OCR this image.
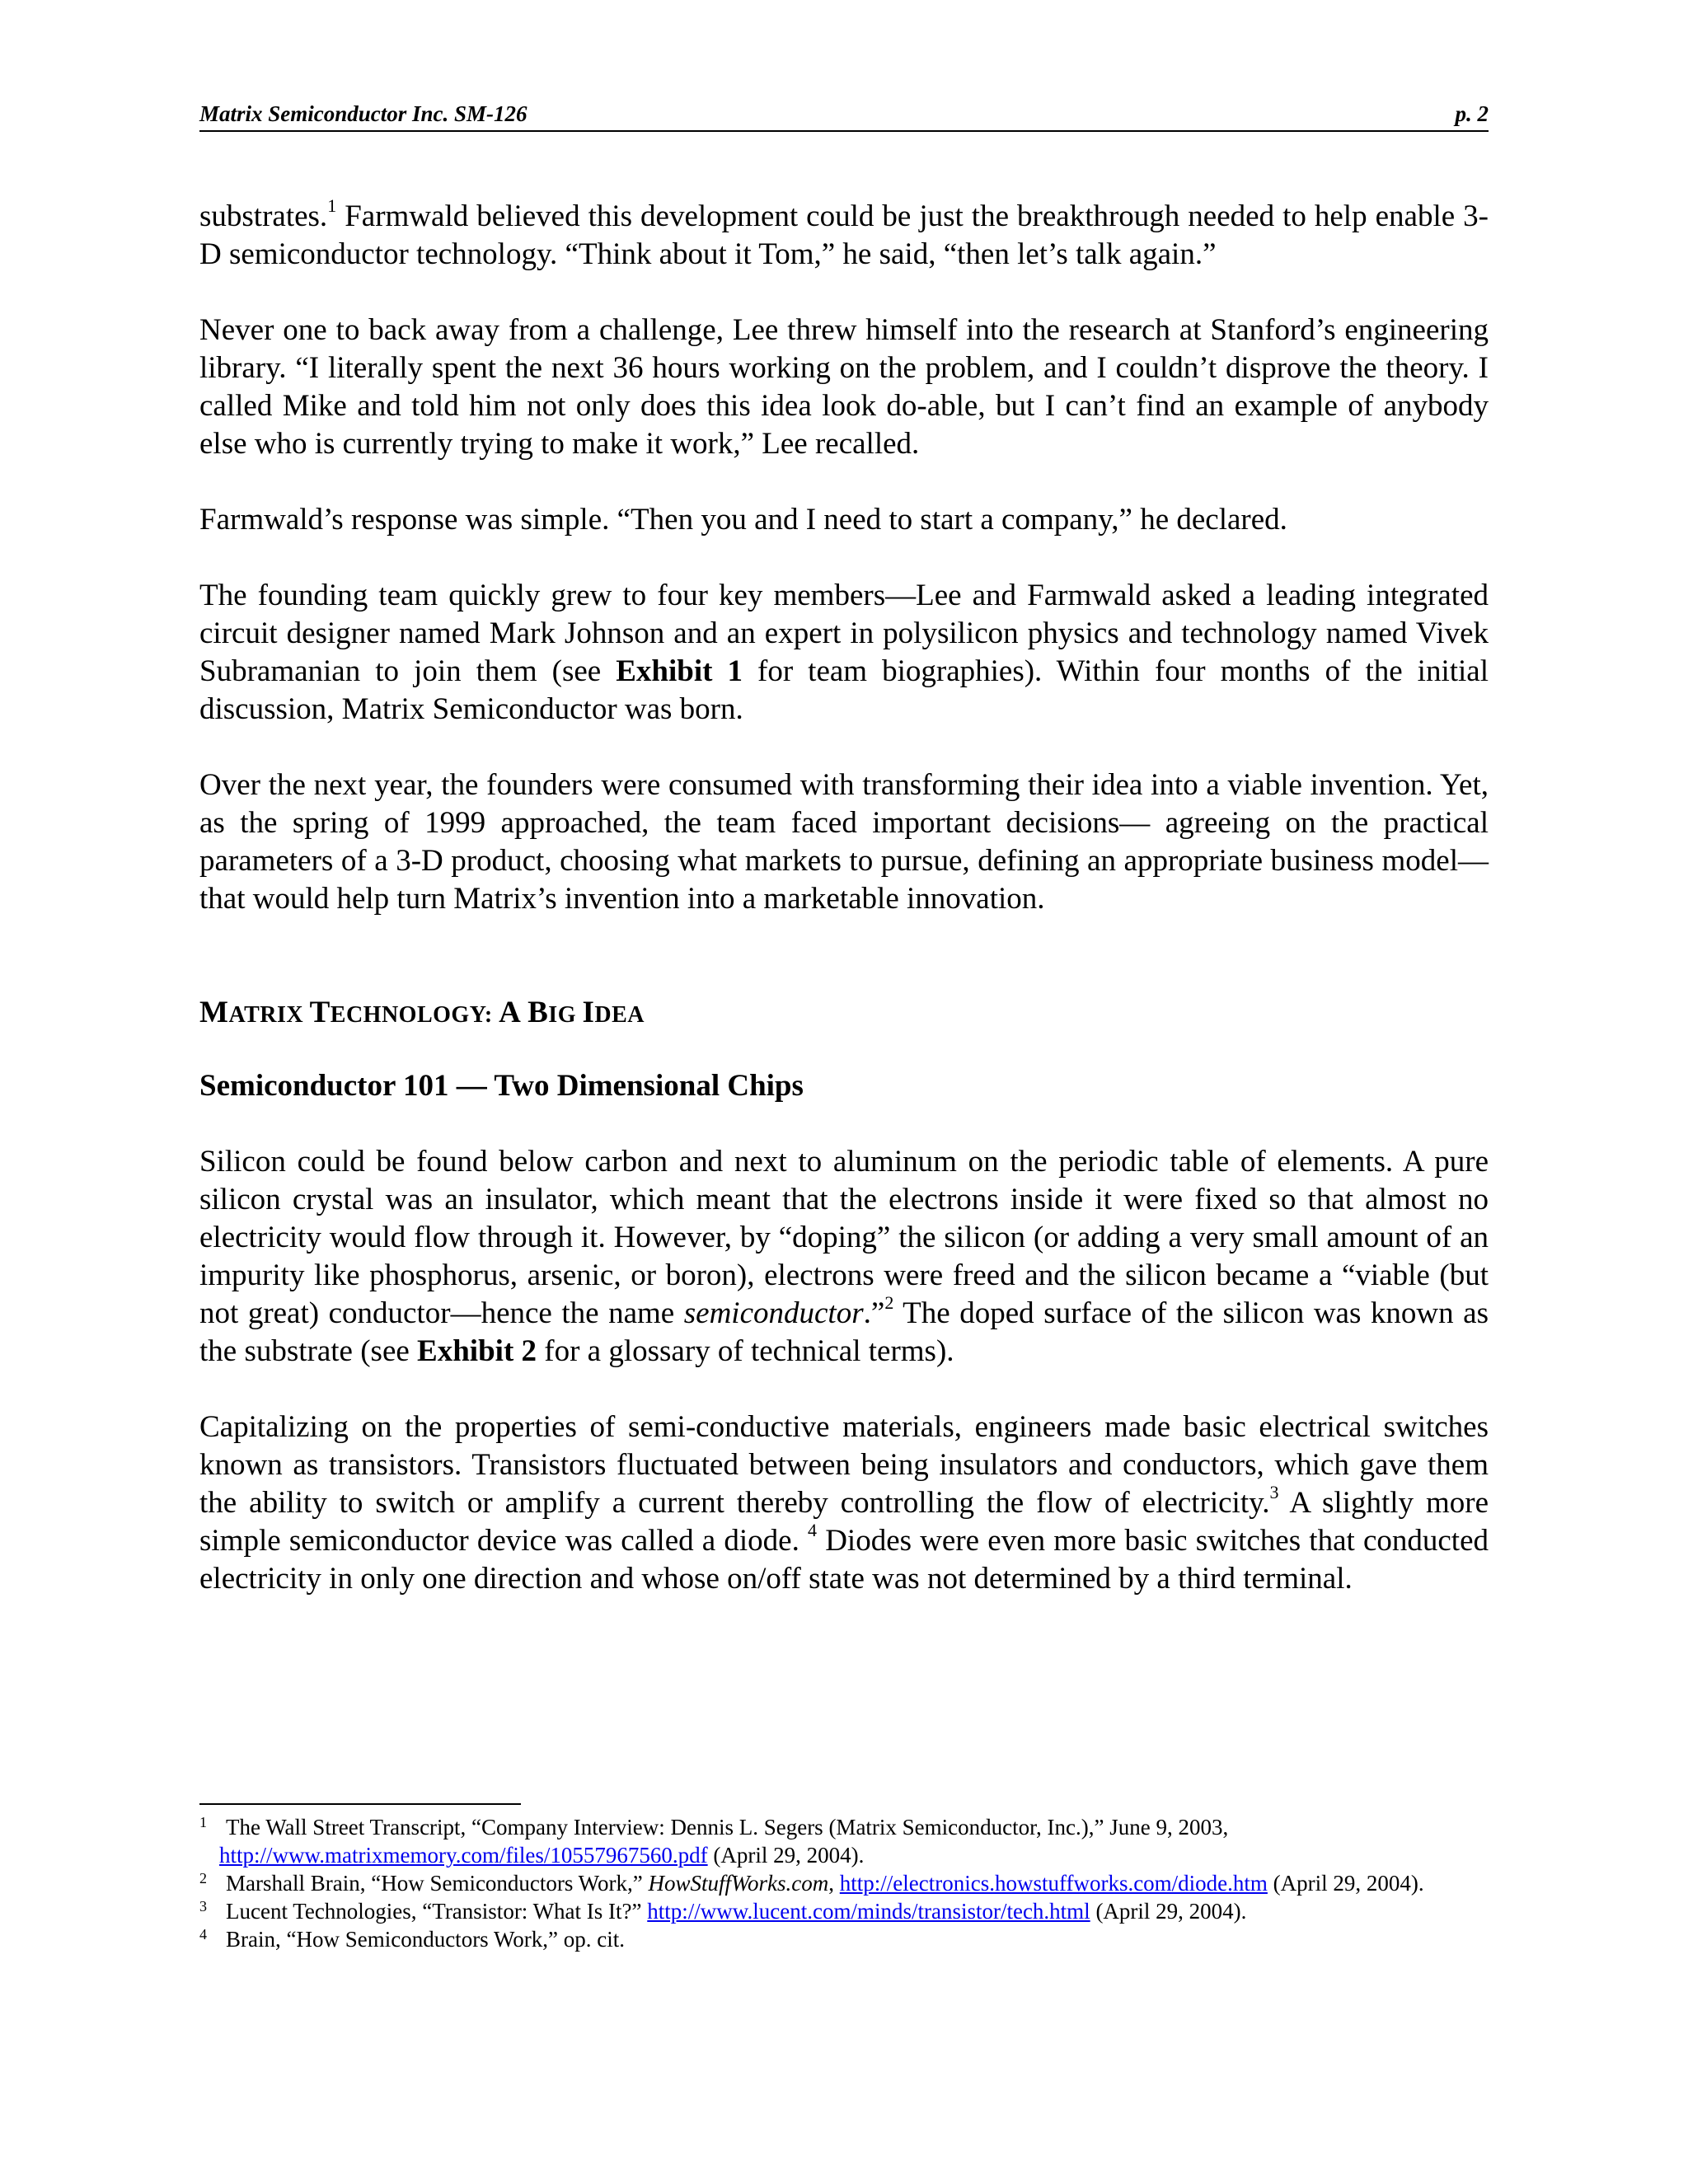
Matrix Semiconductor Inc. SM-126	p. 2

substrates.$^1$ Farmwald believed this development could be just the breakthrough needed to help enable 3-D semiconductor technology. “Think about it Tom,” he said, “then let’s talk again.”

Never one to back away from a challenge, Lee threw himself into the research at Stanford’s engineering library. “I literally spent the next 36 hours working on the problem, and I couldn’t disprove the theory. I called Mike and told him not only does this idea look do-able, but I can’t find an example of anybody else who is currently trying to make it work,” Lee recalled.

Farmwald’s response was simple. “Then you and I need to start a company,” he declared.

The founding team quickly grew to four key members—Lee and Farmwald asked a leading integrated circuit designer named Mark Johnson and an expert in polysilicon physics and technology named Vivek Subramanian to join them (see Exhibit 1 for team biographies). Within four months of the initial discussion, Matrix Semiconductor was born.

Over the next year, the founders were consumed with transforming their idea into a viable invention. Yet, as the spring of 1999 approached, the team faced important decisions— agreeing on the practical parameters of a 3-D product, choosing what markets to pursue, defining an appropriate business model—that would help turn Matrix’s invention into a marketable innovation.

MATRIX TECHNOLOGY: A BIG IDEA
Semiconductor 101 — Two Dimensional Chips

Silicon could be found below carbon and next to aluminum on the periodic table of elements. A pure silicon crystal was an insulator, which meant that the electrons inside it were fixed so that almost no electricity would flow through it. However, by “doping” the silicon (or adding a very small amount of an impurity like phosphorus, arsenic, or boron), electrons were freed and the silicon became a “viable (but not great) conductor—hence the name semiconductor.”$^2$ The doped surface of the silicon was known as the substrate (see Exhibit 2 for a glossary of technical terms).

Capitalizing on the properties of semi-conductive materials, engineers made basic electrical switches known as transistors. Transistors fluctuated between being insulators and conductors, which gave them the ability to switch or amplify a current thereby controlling the flow of electricity.$^3$ A slightly more simple semiconductor device was called a diode. $^4$ Diodes were even more basic switches that conducted electricity in only one direction and whose on/off state was not determined by a third terminal.

1 The Wall Street Transcript, “Company Interview: Dennis L. Segers (Matrix Semiconductor, Inc.),” June 9, 2003, http://www.matrixmemory.com/files/10557967560.pdf (April 29, 2004).

2 Marshall Brain, “How Semiconductors Work,” HowStuffWorks.com, http://electronics.howstuffworks.com/diode.htm (April 29, 2004).

3 Lucent Technologies, “Transistor: What Is It?” http://www.lucent.com/minds/transistor/tech.html (April 29, 2004).

4 Brain, “How Semiconductors Work,” op. cit.
